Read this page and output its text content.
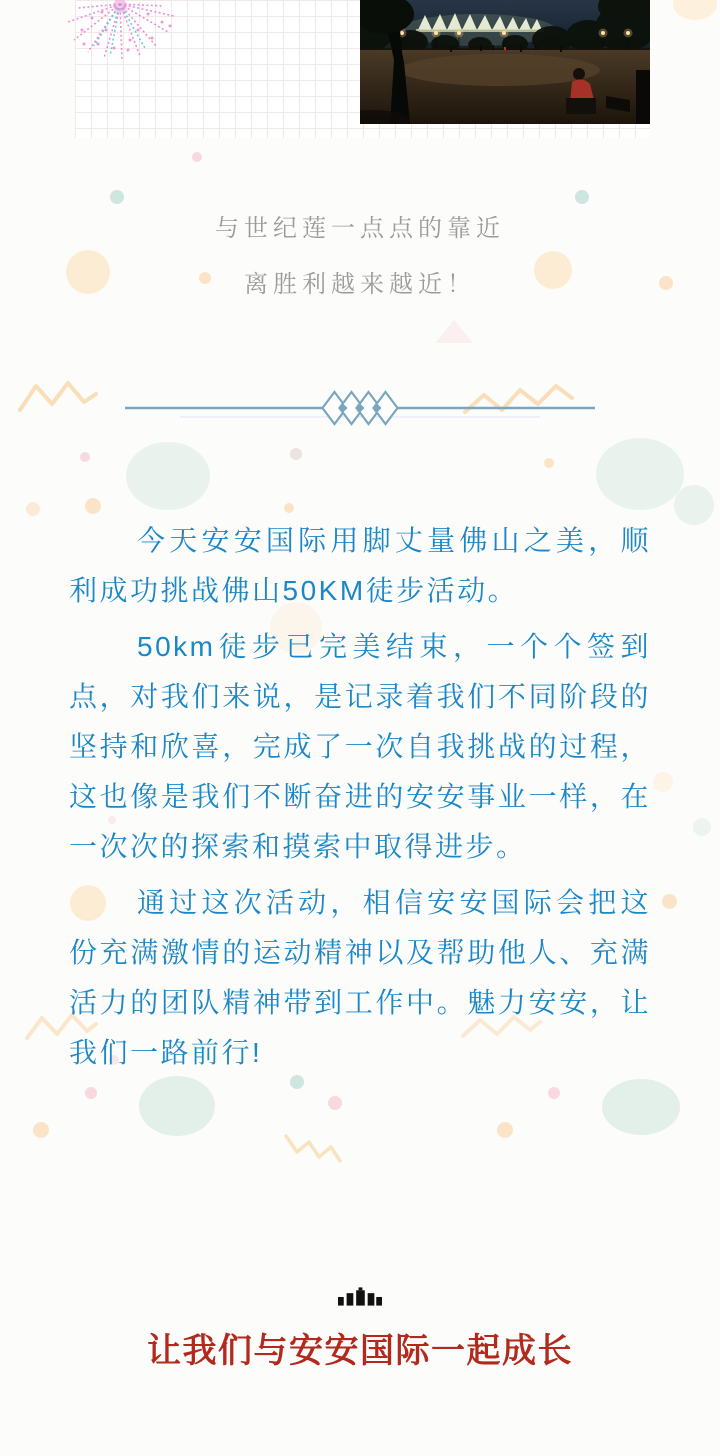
与世纪莲一点点的靠近

离胜利越来越近！

今天安安国际用脚丈量佛山之美，顺利成功挑战佛山50KM徒步活动。

50km徒步已完美结束，一个个签到点，对我们来说，是记录着我们不同阶段的坚持和欣喜，完成了一次自我挑战的过程，这也像是我们不断奋进的安安事业一样，在一次次的探索和摸索中取得进步。

通过这次活动，相信安安国际会把这份充满激情的运动精神以及帮助他人、充满活力的团队精神带到工作中。魅力安安，让我们一路前行!

让我们与安安国际一起成长
